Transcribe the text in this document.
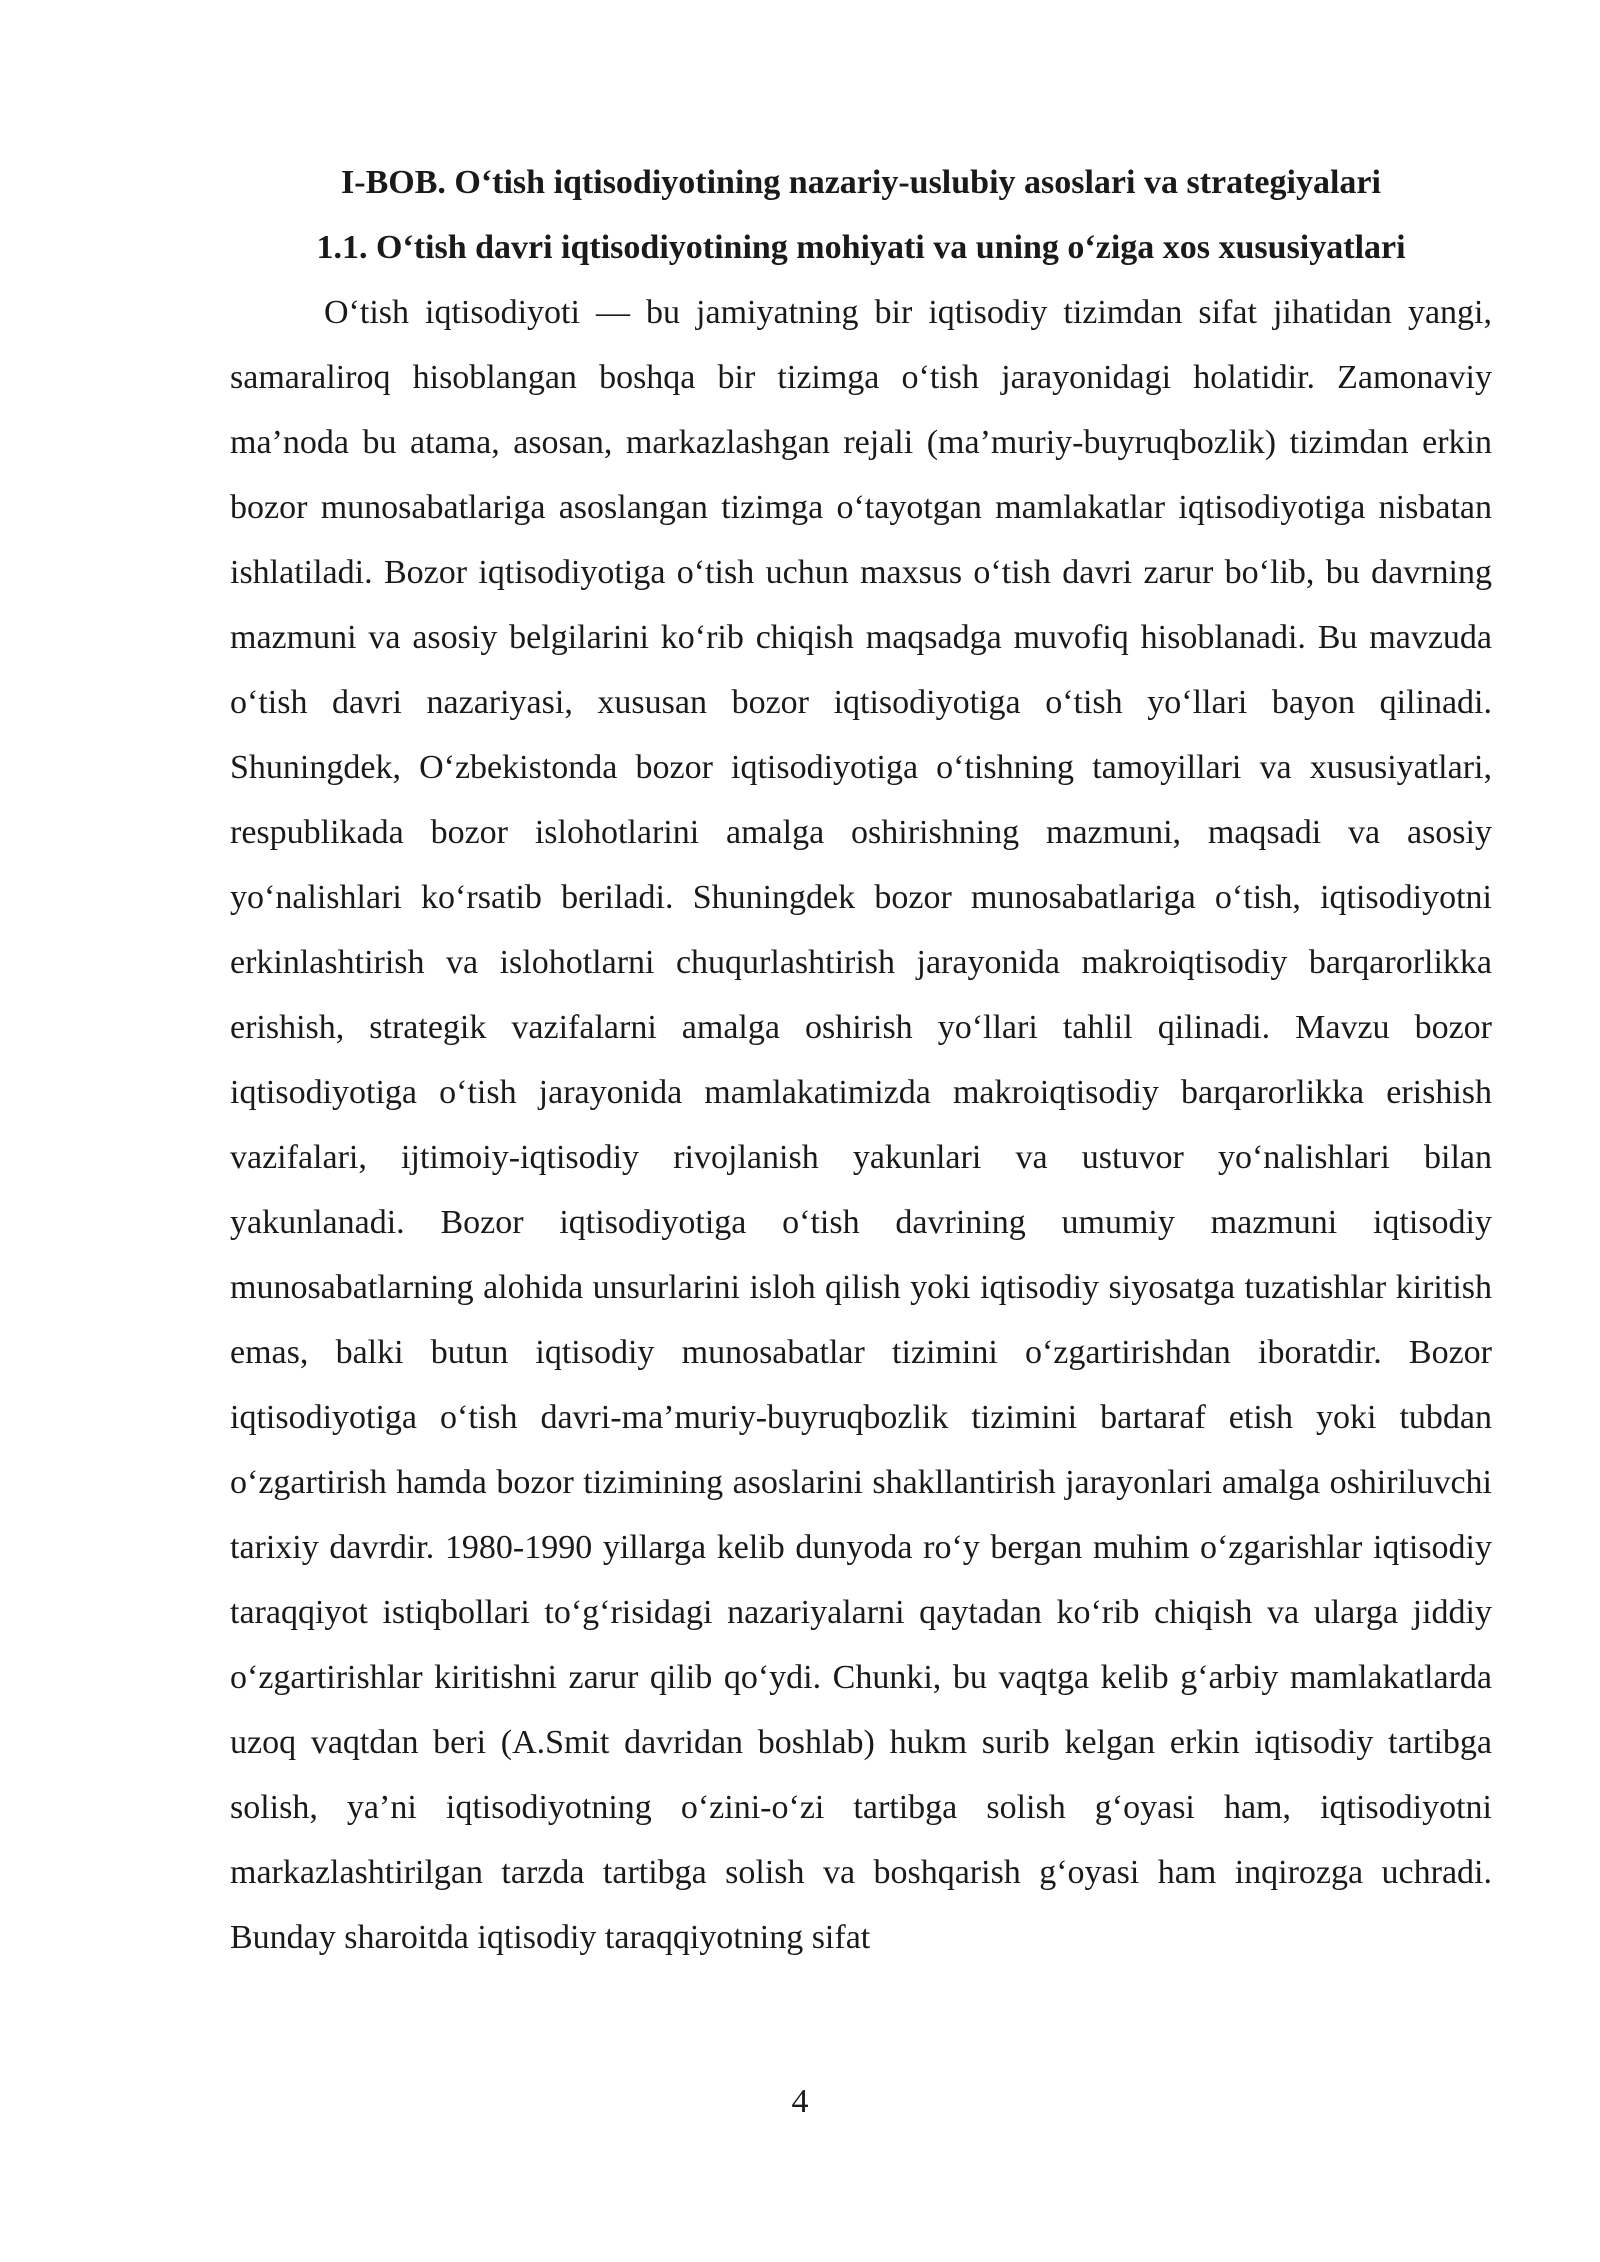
I-BOB. O‘tish iqtisodiyotining nazariy-uslubiy asoslari va strategiyalari
1.1. O‘tish davri iqtisodiyotining mohiyati va uning o‘ziga xos xususiyatlari

O‘tish iqtisodiyoti — bu jamiyatning bir iqtisodiy tizimdan sifat jihatidan yangi, samaraliroq hisoblangan boshqa bir tizimga o‘tish jarayonidagi holatidir. Zamonaviy ma’noda bu atama, asosan, markazlashgan rejali (ma’muriy-buyruqbozlik) tizimdan erkin bozor munosabatlariga asoslangan tizimga o‘tayotgan mamlakatlar iqtisodiyotiga nisbatan ishlatiladi. Bozor iqtisodiyotiga o‘tish uchun maxsus o‘tish davri zarur bo‘lib, bu davrning mazmuni va asosiy belgilarini ko‘rib chiqish maqsadga muvofiq hisoblanadi. Bu mavzuda o‘tish davri nazariyasi, xususan bozor iqtisodiyotiga o‘tish yo‘llari bayon qilinadi. Shuningdek, O‘zbekistonda bozor iqtisodiyotiga o‘tishning tamoyillari va xususiyatlari, respublikada bozor islohotlarini amalga oshirishning mazmuni, maqsadi va asosiy yo‘nalishlari ko‘rsatib beriladi. Shuningdek bozor munosabatlariga o‘tish, iqtisodiyotni erkinlashtirish va islohotlarni chuqurlashtirish jarayonida makroiqtisodiy barqarorlikka erishish, strategik vazifalarni amalga oshirish yo‘llari tahlil qilinadi. Mavzu bozor iqtisodiyotiga o‘tish jarayonida mamlakatimizda makroiqtisodiy barqarorlikka erishish vazifalari, ijtimoiy-iqtisodiy rivojlanish yakunlari va ustuvor yo‘nalishlari bilan yakunlanadi. Bozor iqtisodiyotiga o‘tish davrining umumiy mazmuni iqtisodiy munosabatlarning alohida unsurlarini isloh qilish yoki iqtisodiy siyosatga tuzatishlar kiritish emas, balki butun iqtisodiy munosabatlar tizimini o‘zgartirishdan iboratdir. Bozor iqtisodiyotiga o‘tish davri-ma’muriy-buyruqbozlik tizimini bartaraf etish yoki tubdan o‘zgartirish hamda bozor tizimining asoslarini shakllantirish jarayonlari amalga oshiriluvchi tarixiy davrdir. 1980-1990 yillarga kelib dunyoda ro‘y bergan muhim o‘zgarishlar iqtisodiy taraqqiyot istiqbollari to‘g‘risidagi nazariyalarni qaytadan ko‘rib chiqish va ularga jiddiy o‘zgartirishlar kiritishni zarur qilib qo‘ydi. Chunki, bu vaqtga kelib g‘arbiy mamlakatlarda uzoq vaqtdan beri (A.Smit davridan boshlab) hukm surib kelgan erkin iqtisodiy tartibga solish, ya’ni iqtisodiyotning o‘zini-o‘zi tartibga solish g‘oyasi ham, iqtisodiyotni markazlashtirilgan tarzda tartibga solish va boshqarish g‘oyasi ham inqirozga uchradi. Bunday sharoitda iqtisodiy taraqqiyotning sifat

4
